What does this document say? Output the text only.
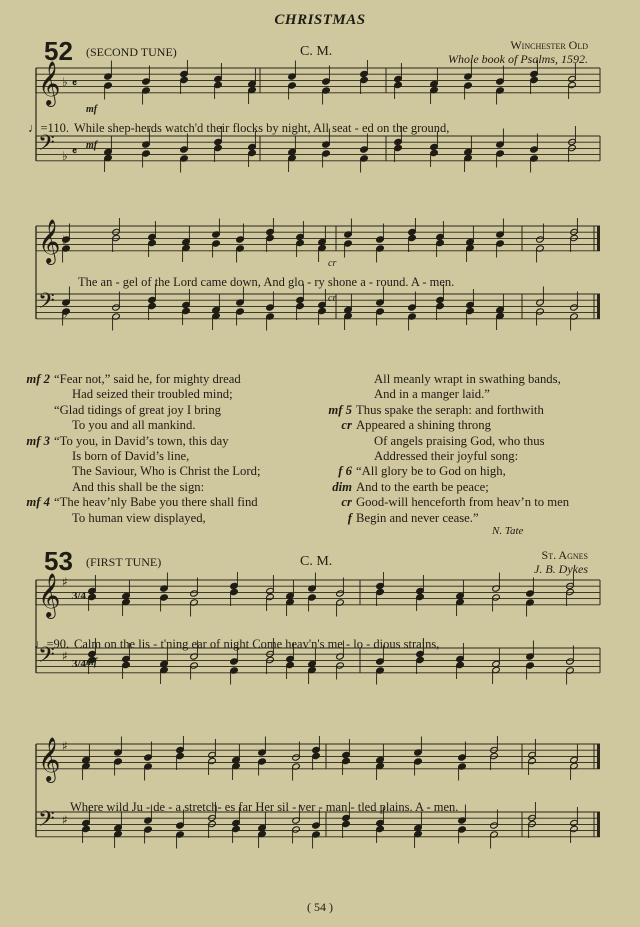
CHRISTMAS
52 (SECOND TUNE)	C. M.	Winchester Old
Whole book of Psalms, 1592.
𝄞 ♭ 𝄴
𝄢 ♭ 𝄴
♩=110. While shep-herds watch'd their flocks by night, All seat - ed on the ground,
mf
mf
𝄞
𝄢
The an - gel of the Lord came down, And glo - ry shone a - round. A - men.
cr
cr
mf 2 “Fear not,” said he, for mighty dread
Had seized their troubled mind;
“Glad tidings of great joy I bring
To you and all mankind.
mf 3 “To you, in David’s town, this day
Is born of David’s line,
The Saviour, Who is Christ the Lord;
And this shall be the sign:
mf 4 “The heav’nly Babe you there shall find
To human view displayed,
All meanly wrapt in swathing bands,
And in a manger laid.”
mf 5 Thus spake the seraph: and forthwith
cr Appeared a shining throng
Of angels praising God, who thus
Addressed their joyful song:
f 6 “All glory be to God on high,
dim And to the earth be peace;
cr Good-will henceforth from heav’n to men
f Begin and never cease.”
N. Tate
53 (FIRST TUNE)	C. M.	St. Agnes
J. B. Dykes
𝄞 ♯
3/4
𝄢 ♯
3/4
♩=90. Calm on the lis - t'ning ear of night Come heav'n's me - lo - dious strains,
mf
𝄞 ♯
𝄢 ♯
Where wild Ju - de - a stretch- es far Her sil - ver - man - tled plains. A - men.
( 54 )
